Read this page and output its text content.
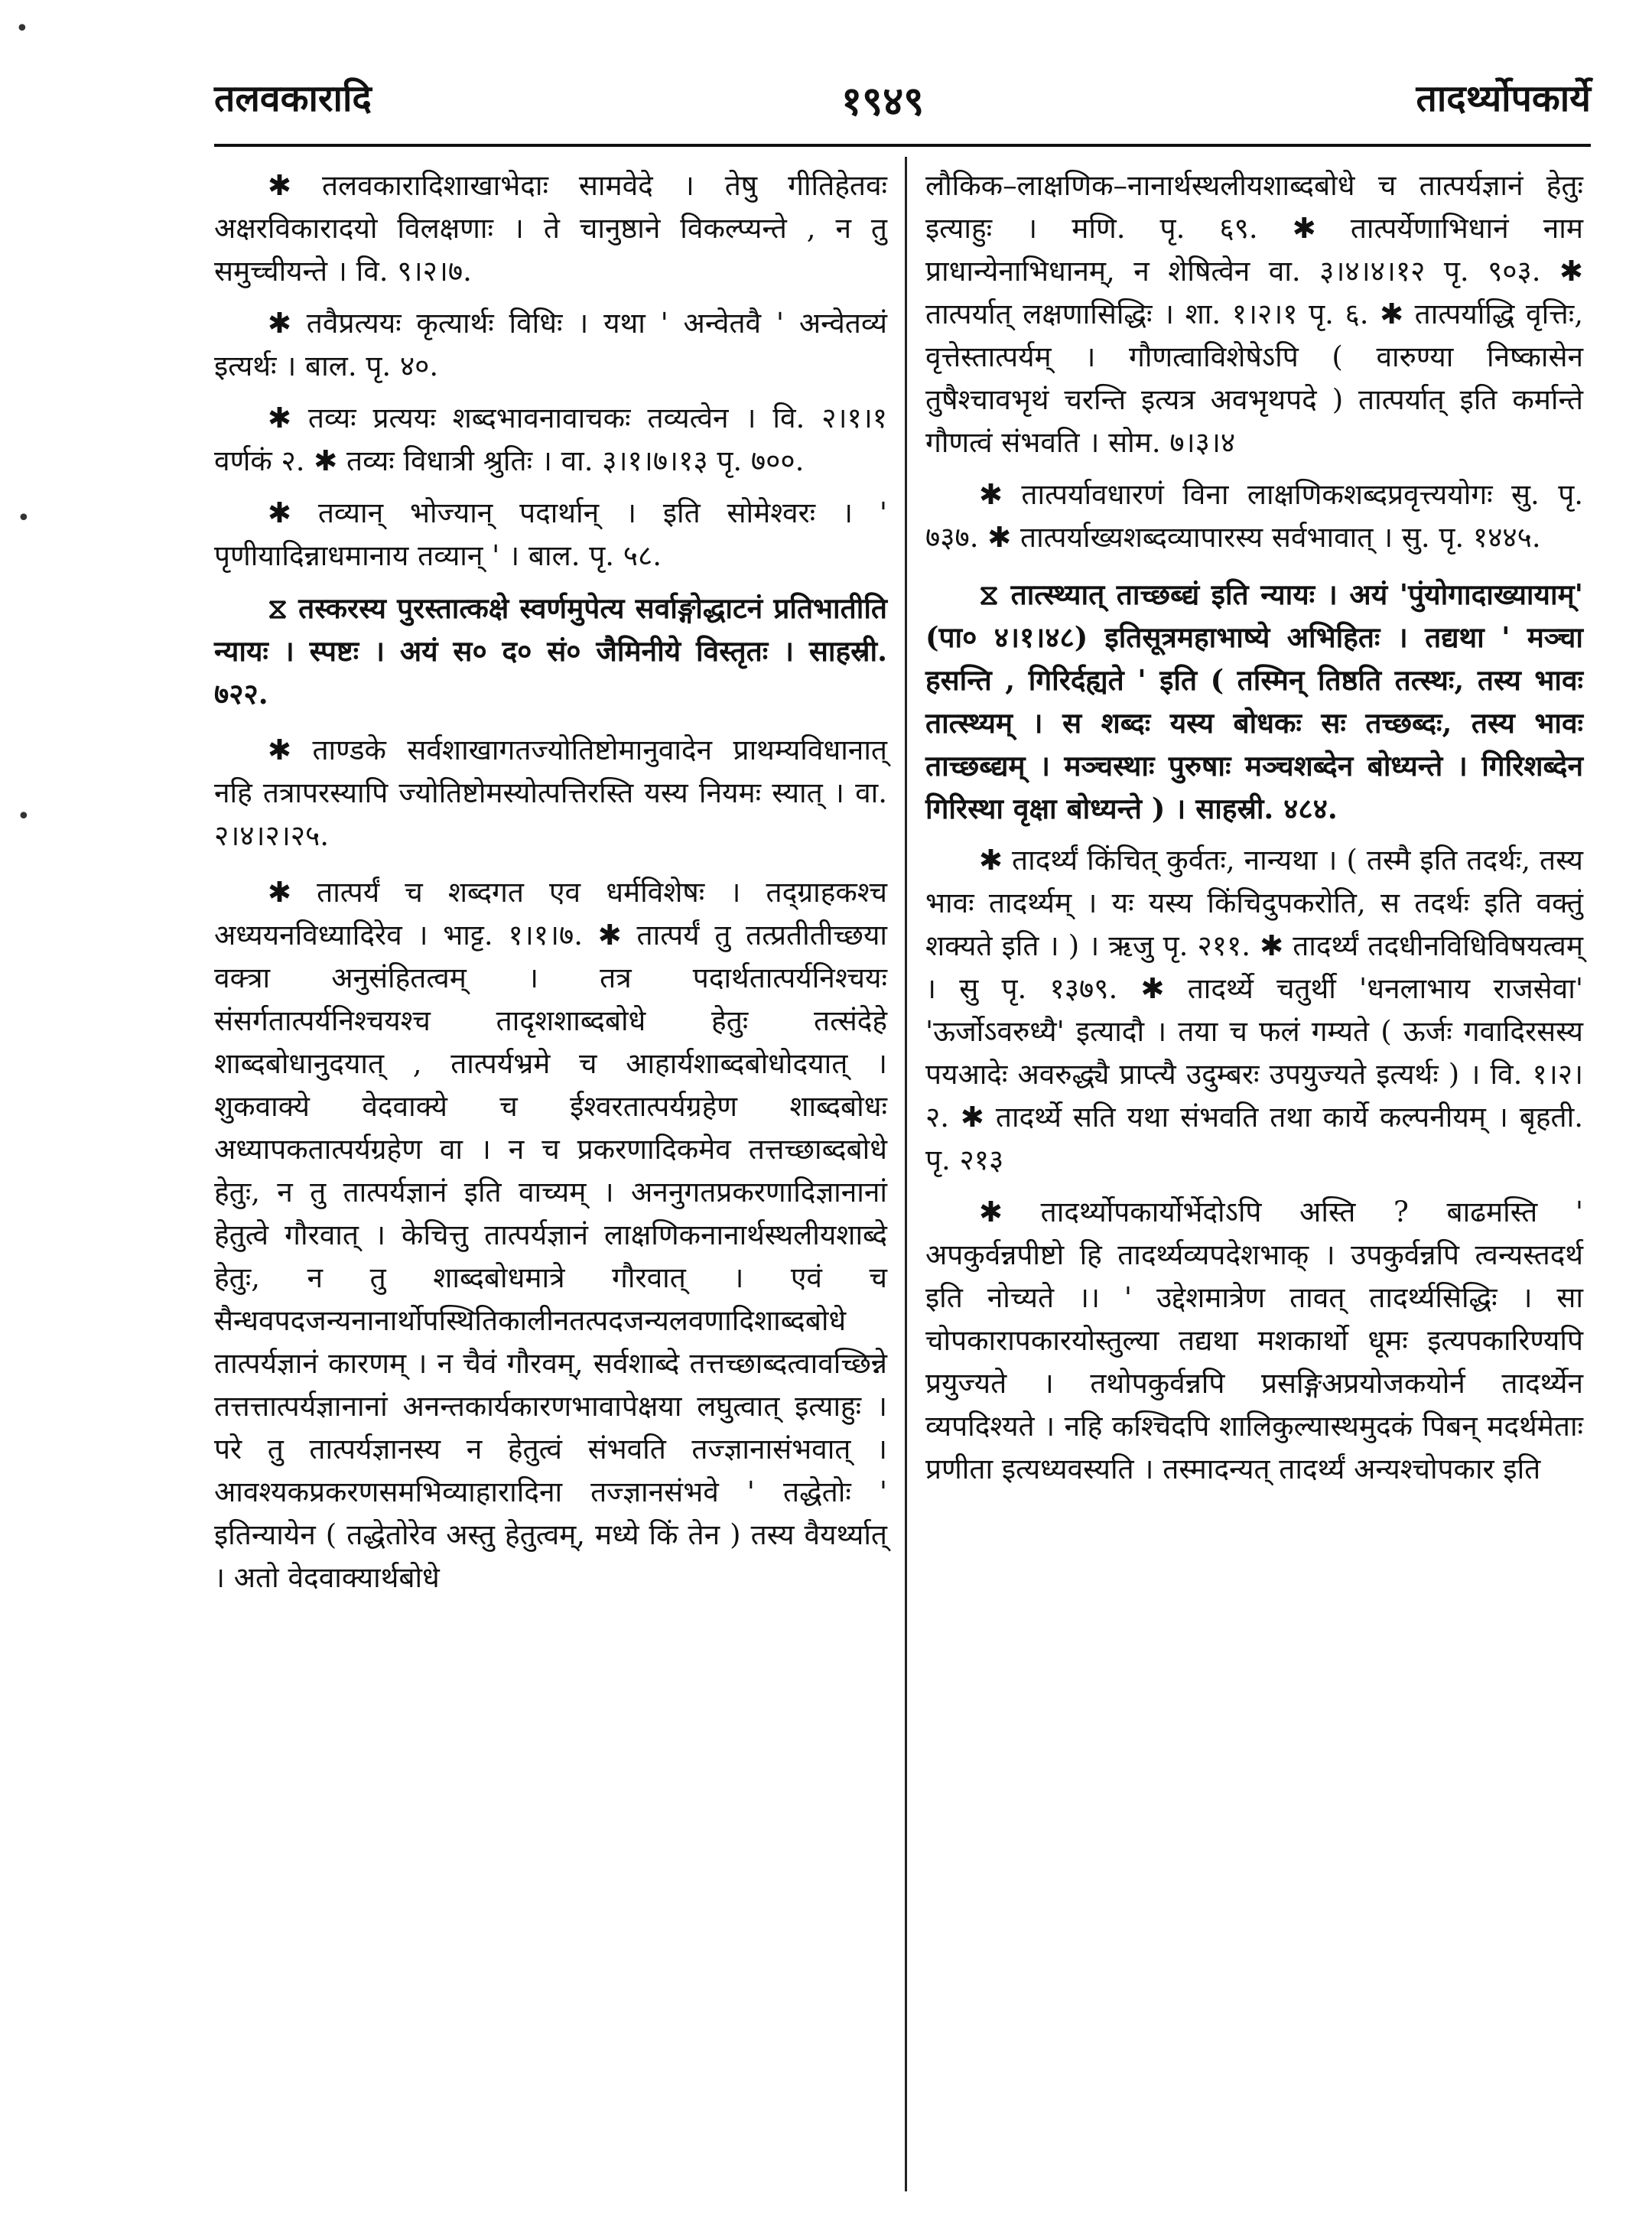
तलवकारादि	१९४९	तादर्थ्योपकार्ये
•
•
•

✱ तलवकारादिशाखाभेदाः सामवेदे । तेषु गीतिहेतवः अक्षरविकारादयो विलक्षणाः । ते चानुष्ठाने विकल्प्यन्ते , न तु समुच्चीयन्ते । वि. ९।२।७.

✱ तवैप्रत्ययः कृत्यार्थः विधिः । यथा ' अन्वेतवै ' अन्वेतव्यं इत्यर्थः । बाल. पृ. ४०.

✱ तव्यः प्रत्ययः शब्दभावनावाचकः तव्यत्वेन । वि. २।१।१ वर्णकं २. ✱ तव्यः विधात्री श्रुतिः । वा. ३।१।७।१३ पृ. ७००.

✱ तव्यान् भोज्यान् पदार्थान् । इति सोमेश्वरः । ' पृणीयादिन्नाधमानाय तव्यान् ' । बाल. पृ. ५८.

⧖ तस्करस्य पुरस्तात्कक्षे स्वर्णमुपेत्य सर्वाङ्गोद्धाटनं प्रतिभातीति न्यायः । स्पष्टः । अयं स० द० सं० जैमिनीये विस्तृतः । साहस्री. ७२२.

✱ ताण्डके सर्वशाखागतज्योतिष्टोमानुवादेन प्राथम्यविधानात् नहि तत्रापरस्यापि ज्योतिष्टोमस्योत्पत्तिरस्ति यस्य नियमः स्यात् । वा. २।४।२।२५.

✱ तात्पर्यं च शब्दगत एव धर्मविशेषः । तद्ग्राहकश्च अध्ययनविध्यादिरेव । भाट्ट. १।१।७. ✱ तात्पर्यं तु तत्प्रतीतीच्छया वक्त्रा अनुसंहितत्वम् । तत्र पदार्थतात्पर्यनिश्चयः संसर्गतात्पर्यनिश्चयश्च तादृशशाब्दबोधे हेतुः तत्संदेहे शाब्दबोधानुदयात् , तात्पर्यभ्रमे च आहार्यशाब्दबोधोदयात् । शुकवाक्ये वेदवाक्ये च ईश्वरतात्पर्यग्रहेण शाब्दबोधः अध्यापकतात्पर्यग्रहेण वा । न च प्रकरणादिकमेव तत्तच्छाब्दबोधे हेतुः, न तु तात्पर्यज्ञानं इति वाच्यम् । अननुगतप्रकरणादिज्ञानानां हेतुत्वे गौरवात् । केचित्तु तात्पर्यज्ञानं लाक्षणिकनानार्थस्थलीयशाब्दे हेतुः, न तु शाब्दबोधमात्रे गौरवात् । एवं च सैन्धवपदजन्यनानार्थोपस्थितिकालीनतत्पदजन्यलवणादिशाब्दबोधे तात्पर्यज्ञानं कारणम् । न चैवं गौरवम्, सर्वशाब्दे तत्तच्छाब्दत्वावच्छिन्ने तत्तत्तात्पर्यज्ञानानां अनन्तकार्यकारणभावापेक्षया लघुत्वात् इत्याहुः । परे तु तात्पर्यज्ञानस्य न हेतुत्वं संभवति तज्ज्ञानासंभवात् । आवश्यकप्रकरणसमभिव्याहारादिना तज्ज्ञानसंभवे ' तद्धेतोः ' इतिन्यायेन ( तद्धेतोरेव अस्तु हेतुत्वम्, मध्ये किं तेन ) तस्य वैयर्थ्यात् । अतो वेदवाक्यार्थबोधे

लौकिक–लाक्षणिक–नानार्थस्थलीयशाब्दबोधे च तात्पर्यज्ञानं हेतुः इत्याहुः । मणि. पृ. ६९. ✱ तात्पर्येणाभिधानं नाम प्राधान्येनाभिधानम्, न शेषित्वेन वा. ३।४।४।१२ पृ. ९०३. ✱ तात्पर्यात् लक्षणासिद्धिः । शा. १।२।१ पृ. ६. ✱ तात्पर्याद्धि वृत्तिः, वृत्तेस्तात्पर्यम् । गौणत्वाविशेषेऽपि ( वारुण्या निष्कासेन तुषैश्चावभृथं चरन्ति इत्यत्र अवभृथपदे ) तात्पर्यात् इति कर्मान्ते गौणत्वं संभवति । सोम. ७।३।४

✱ तात्पर्यावधारणं विना लाक्षणिकशब्दप्रवृत्त्ययोगः सु. पृ. ७३७. ✱ तात्पर्याख्यशब्दव्यापारस्य सर्वभावात् । सु. पृ. १४४५.

⧖ तात्स्थ्यात् ताच्छब्द्यं इति न्यायः । अयं 'पुंयोगादाख्यायाम्' (पा० ४।१।४८) इतिसूत्रमहाभाष्ये अभिहितः । तद्यथा ' मञ्चा हसन्ति , गिरिर्दह्यते ' इति ( तस्मिन् तिष्ठति तत्स्थः, तस्य भावः तात्स्थ्यम् । स शब्दः यस्य बोधकः सः तच्छब्दः, तस्य भावः ताच्छब्द्यम् । मञ्चस्थाः पुरुषाः मञ्चशब्देन बोध्यन्ते । गिरिशब्देन गिरिस्था वृक्षा बोध्यन्ते ) । साहस्री. ४८४.

✱ तादर्थ्यं किंचित् कुर्वतः, नान्यथा । ( तस्मै इति तदर्थः, तस्य भावः तादर्थ्यम् । यः यस्य किंचिदुपकरोति, स तदर्थः इति वक्तुं शक्यते इति । ) । ऋजु पृ. २११. ✱ तादर्थ्यं तदधीनविधिविषयत्वम् । सु पृ. १३७९. ✱ तादर्थ्ये चतुर्थी 'धनलाभाय राजसेवा' 'ऊर्जोऽवरुध्यै' इत्यादौ । तया च फलं गम्यते ( ऊर्जः गवादिरसस्य पयआदेः अवरुद्ध्यै प्राप्त्यै उदुम्बरः उपयुज्यते इत्यर्थः ) । वि. १।२।२. ✱ तादर्थ्ये सति यथा संभवति तथा कार्ये कल्पनीयम् । बृहती. पृ. २१३

✱ तादर्थ्योपकार्योर्भेदोऽपि अस्ति ? बाढमस्ति ' अपकुर्वन्नपीष्टो हि तादर्थ्यव्यपदेशभाक् । उपकुर्वन्नपि त्वन्यस्तदर्थ इति नोच्यते ।। ' उद्देशमात्रेण तावत् तादर्थ्यसिद्धिः । सा चोपकारापकारयोस्तुल्या तद्यथा मशकार्थो धूमः इत्यपकारिण्यपि प्रयुज्यते । तथोपकुर्वन्नपि प्रसङ्गिअप्रयोजकयोर्न तादर्थ्येन व्यपदिश्यते । नहि कश्चिदपि शालिकुल्यास्थमुदकं पिबन् मदर्थमेताः प्रणीता इत्यध्यवस्यति । तस्मादन्यत् तादर्थ्यं अन्यश्चोपकार इति
